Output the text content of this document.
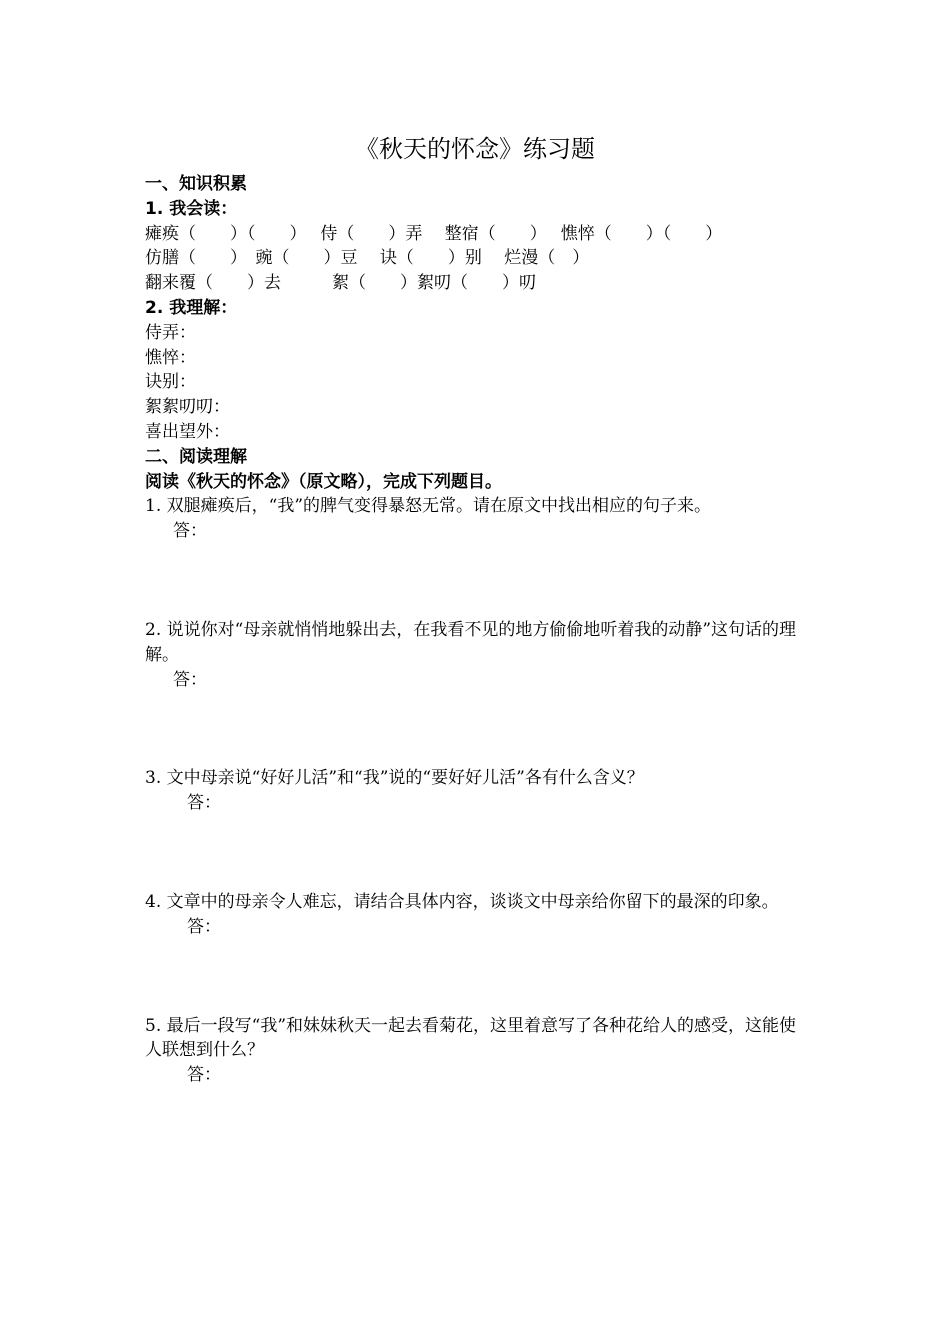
《秋天的怀念》练习题
一、知识积累
1. 我会读：
瘫痪（　　）（　　）　 侍（　　）弄　 整宿（　　）　 憔悴（　　）（　　）
仿膳（　　）　豌（　　）豆　 诀（　　）别　 烂漫（　）
翻来覆（　　）去　　　絮（　　）絮叨（　　）叨
2. 我理解：
侍弄：
憔悴：
诀别：
絮絮叨叨：
喜出望外：
二、阅读理解
阅读《秋天的怀念》（原文略），完成下列题目。
1. 双腿瘫痪后，“我”的脾气变得暴怒无常。请在原文中找出相应的句子来。
答：
2. 说说你对“母亲就悄悄地躲出去，在我看不见的地方偷偷地听着我的动静”这句话的理解。
答：
3. 文中母亲说“好好儿活”和“我”说的“要好好儿活”各有什么含义？
答：
4. 文章中的母亲令人难忘，请结合具体内容，谈谈文中母亲给你留下的最深的印象。
答：
5. 最后一段写“我”和妹妹秋天一起去看菊花，这里着意写了各种花给人的感受，这能使人联想到什么？
答：
